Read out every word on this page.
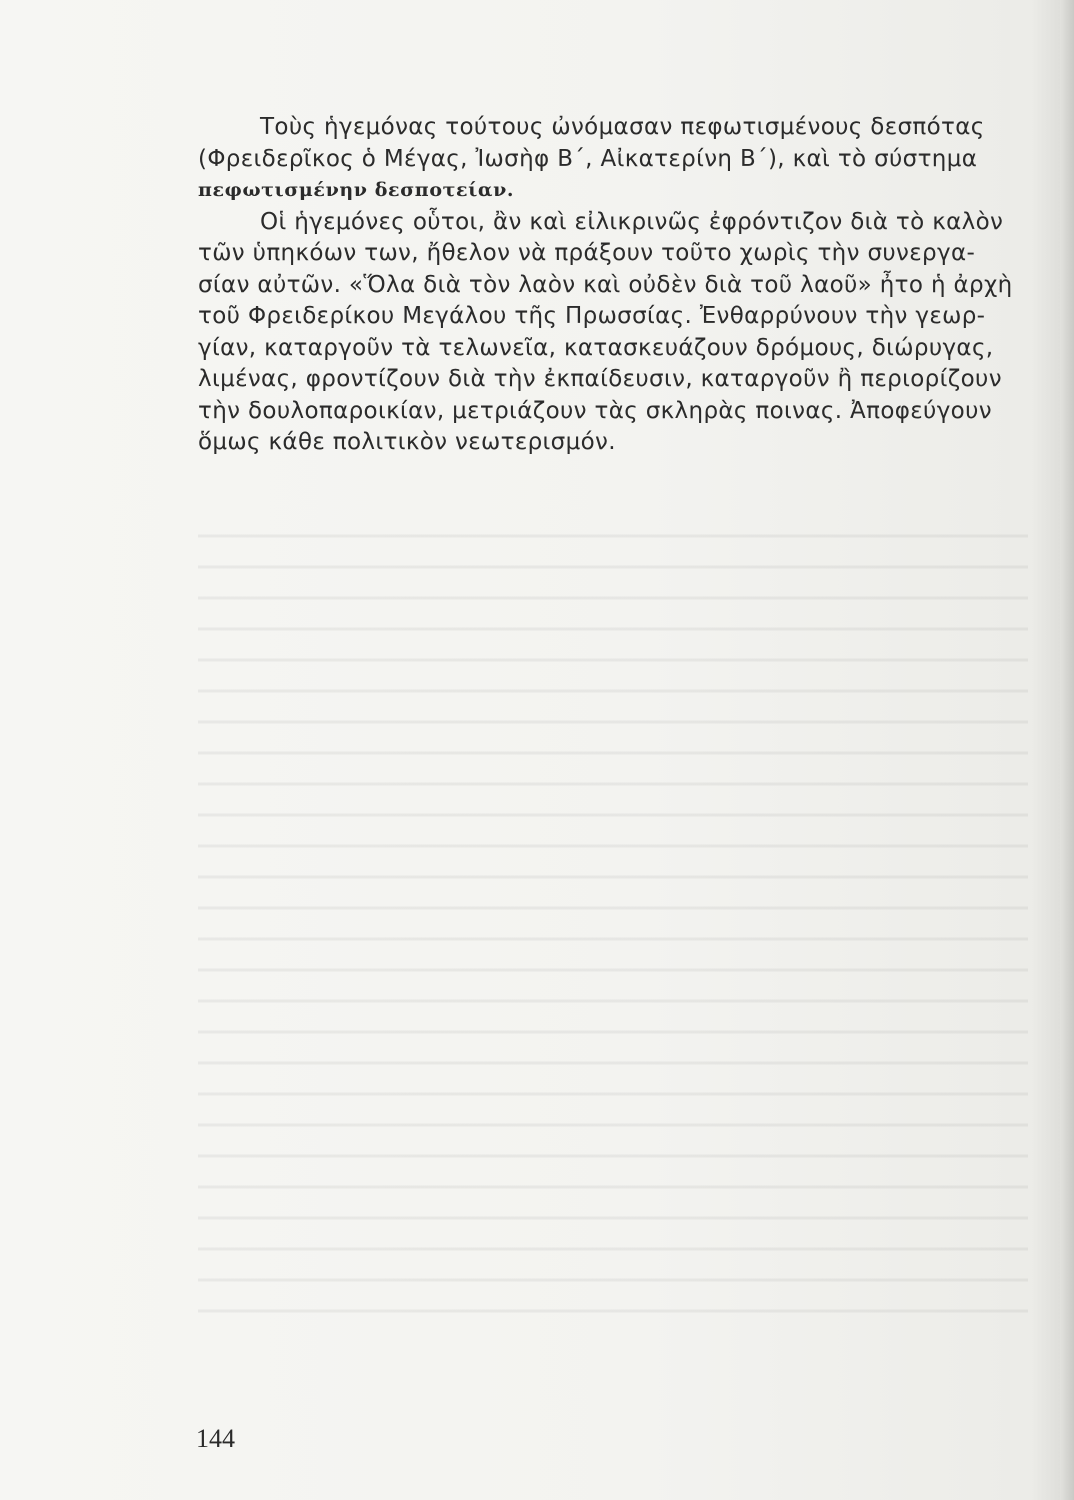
Τοὺς ἡγεμόνας τούτους ὠνόμασαν πεφωτισμένους δεσπότας
(Φρειδερῖκος ὁ Μέγας, Ἰωσὴφ Β΄, Αἰκατερίνη Β΄), καὶ τὸ σύστημα
πεφωτισμένην δεσποτείαν.
Οἱ ἡγεμόνες οὗτοι, ἂν καὶ εἰλικρινῶς ἐφρόντιζον διὰ τὸ καλὸν
τῶν ὑπηκόων των, ἤθελον νὰ πράξουν τοῦτο χωρὶς τὴν συνεργα-
σίαν αὐτῶν. «Ὅλα διὰ τὸν λαὸν καὶ οὐδὲν διὰ τοῦ λαοῦ» ἦτο ἡ ἀρχὴ
τοῦ Φρειδερίκου Μεγάλου τῆς Πρωσσίας. Ἐνθαρρύνουν τὴν γεωρ-
γίαν, καταργοῦν τὰ τελωνεῖα, κατασκευάζουν δρόμους, διώρυγας,
λιμένας, φροντίζουν διὰ τὴν ἐκπαίδευσιν, καταργοῦν ἢ περιορίζουν
τὴν δουλοπαροικίαν, μετριάζουν τὰς σκληρὰς ποινας. Ἀποφεύγουν
ὅμως κάθε πολιτικὸν νεωτερισμόν.
144
